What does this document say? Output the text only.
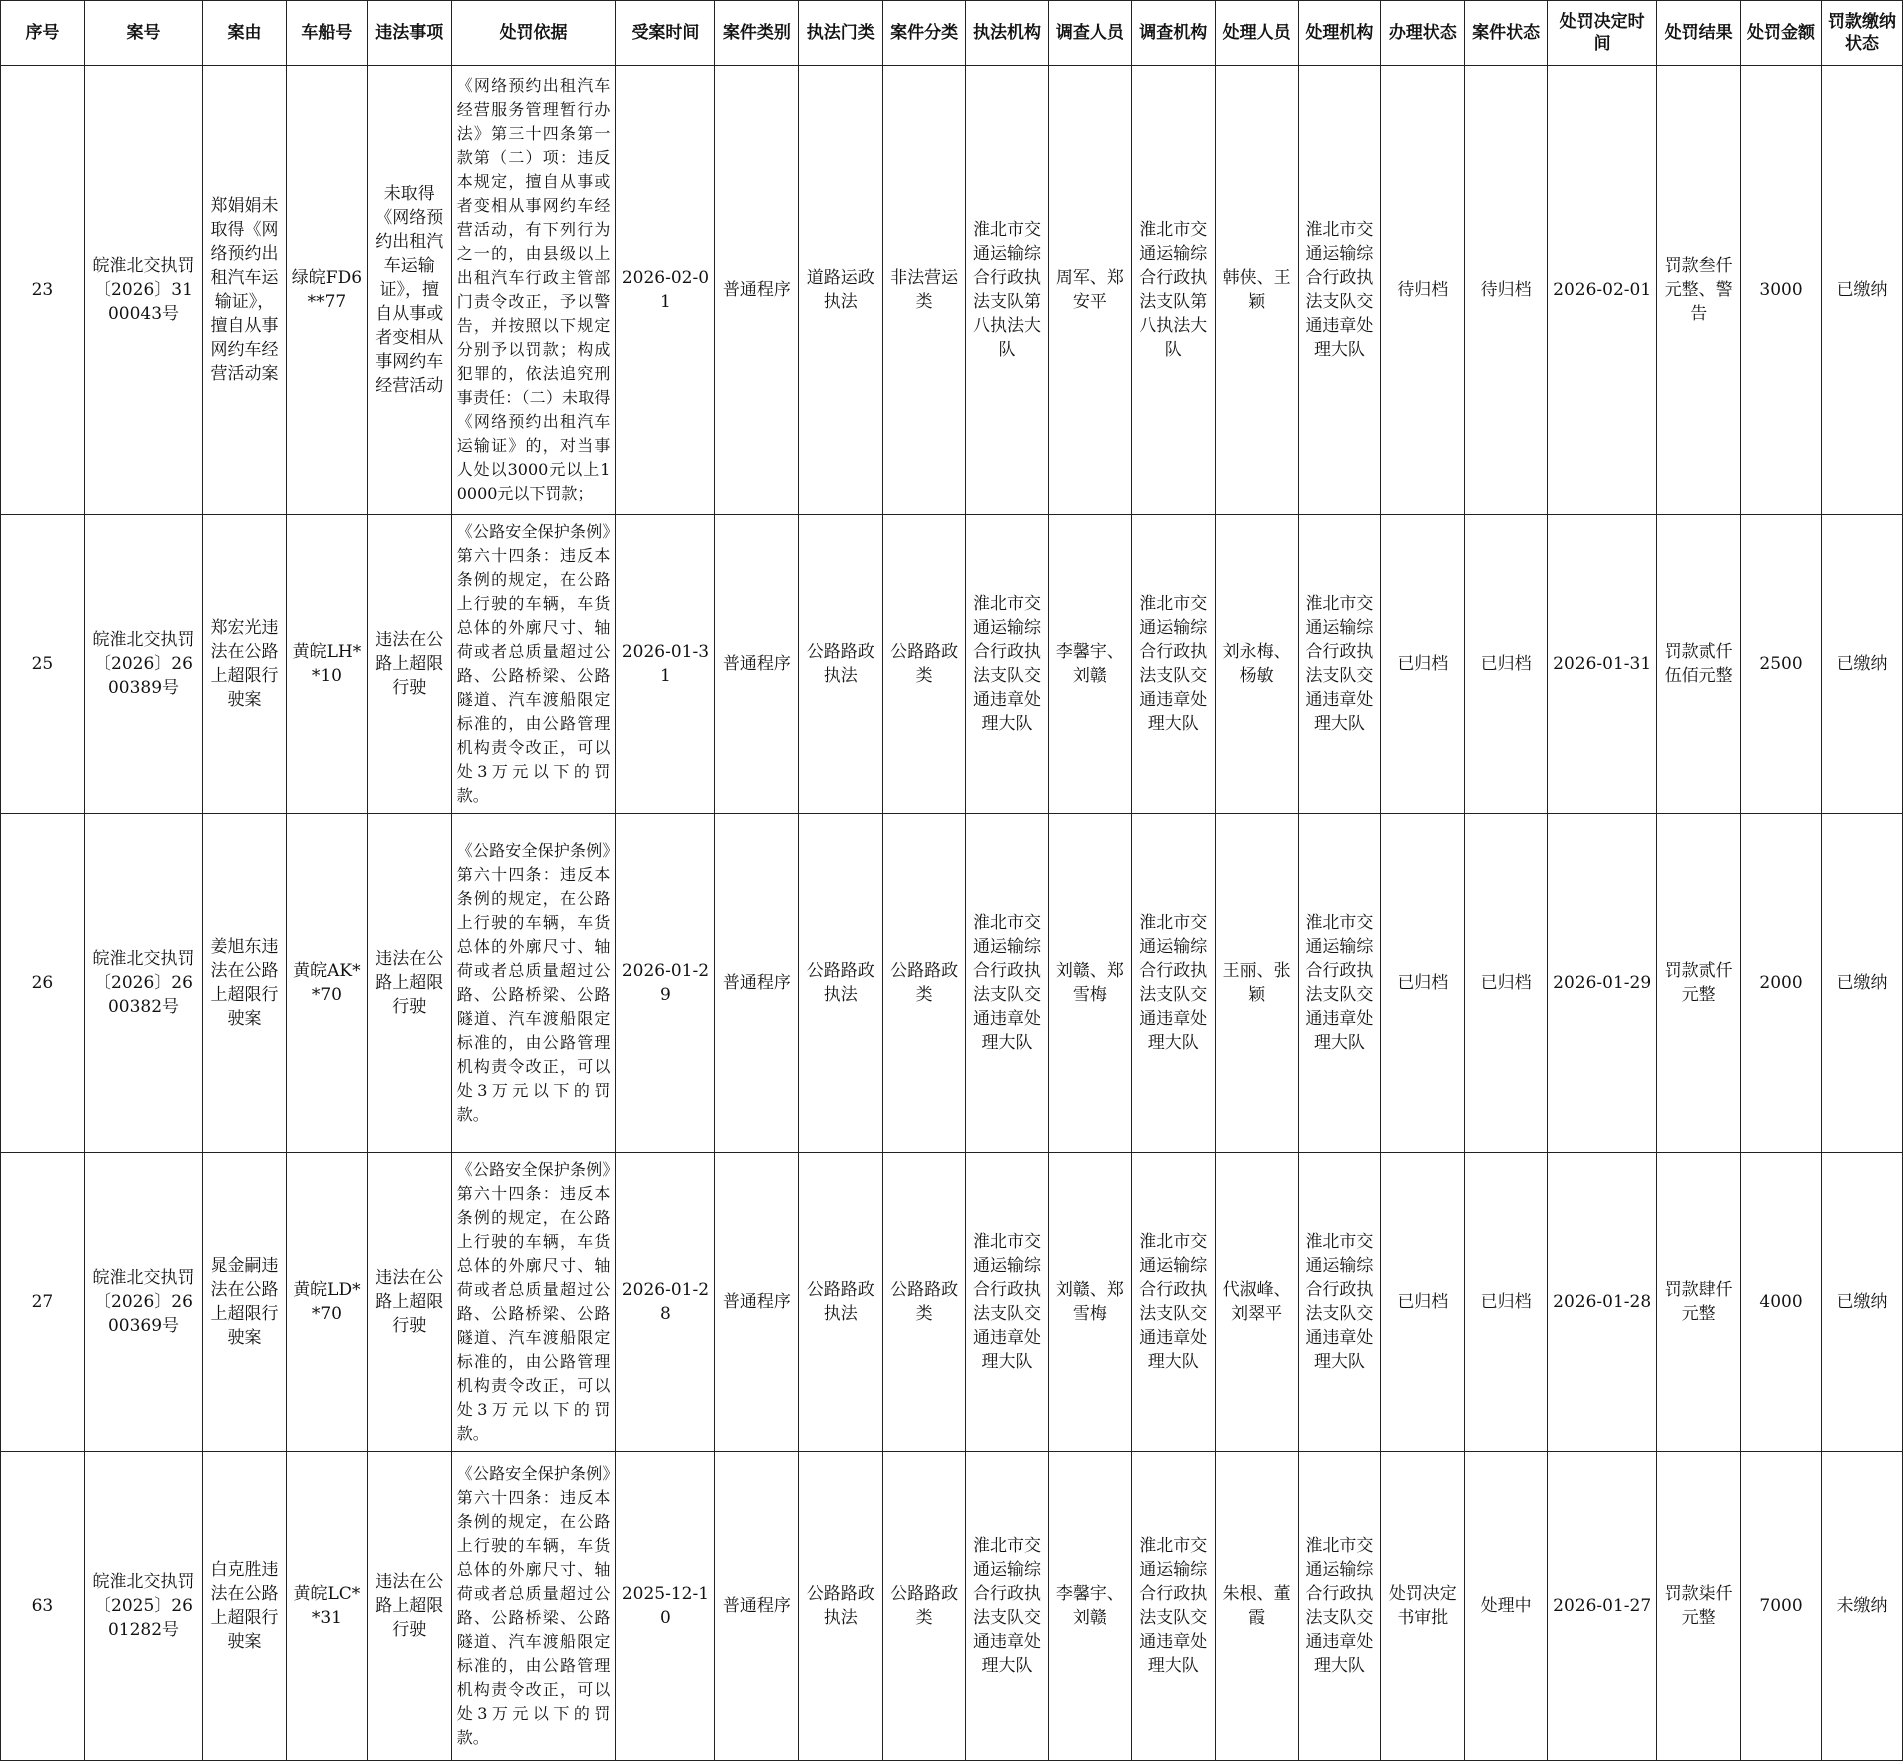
序号	案号	案由	车船号	违法事项	处罚依据	受案时间	案件类别	执法门类	案件分类	执法机构	调查人员	调查机构	处理人员	处理机构	办理状态	案件状态	处罚决定时间	处罚结果	处罚金额	罚款缴纳状态
23	皖淮北交执罚〔2026〕3100043号	郑娟娟未取得《网络预约出租汽车运输证》，擅自从事网约车经营活动案	绿皖FD6**77	未取得《网络预约出租汽车运输证》，擅自从事或者变相从事网约车经营活动	《网络预约出租汽车经营服务管理暂行办法》第三十四条第一款第（二）项：违反本规定，擅自从事或者变相从事网约车经营活动，有下列行为之一的，由县级以上出租汽车行政主管部门责令改正，予以警告，并按照以下规定分别予以罚款；构成犯罪的，依法追究刑事责任：（二）未取得《网络预约出租汽车运输证》的，对当事人处以3000元以上10000元以下罚款；	2026-02-01	普通程序	道路运政执法	非法营运类	淮北市交通运输综合行政执法支队第八执法大队	周军、郑安平	淮北市交通运输综合行政执法支队第八执法大队	韩侠、王颖	淮北市交通运输综合行政执法支队交通违章处理大队	待归档	待归档	2026-02-01	罚款叁仟元整、警告	3000	已缴纳
25	皖淮北交执罚〔2026〕2600389号	郑宏光违法在公路上超限行驶案	黄皖LH**10	违法在公路上超限行驶	《公路安全保护条例》第六十四条：违反本条例的规定，在公路上行驶的车辆，车货总体的外廓尺寸、轴荷或者总质量超过公路、公路桥梁、公路隧道、汽车渡船限定标准的，由公路管理机构责令改正，可以处3万元以下的罚款。	2026-01-31	普通程序	公路路政执法	公路路政类	淮北市交通运输综合行政执法支队交通违章处理大队	李馨宇、刘赣	淮北市交通运输综合行政执法支队交通违章处理大队	刘永梅、杨敏	淮北市交通运输综合行政执法支队交通违章处理大队	已归档	已归档	2026-01-31	罚款贰仟伍佰元整	2500	已缴纳
26	皖淮北交执罚〔2026〕2600382号	姜旭东违法在公路上超限行驶案	黄皖AK**70	违法在公路上超限行驶	《公路安全保护条例》第六十四条：违反本条例的规定，在公路上行驶的车辆，车货总体的外廓尺寸、轴荷或者总质量超过公路、公路桥梁、公路隧道、汽车渡船限定标准的，由公路管理机构责令改正，可以处3万元以下的罚款。	2026-01-29	普通程序	公路路政执法	公路路政类	淮北市交通运输综合行政执法支队交通违章处理大队	刘赣、郑雪梅	淮北市交通运输综合行政执法支队交通违章处理大队	王丽、张颖	淮北市交通运输综合行政执法支队交通违章处理大队	已归档	已归档	2026-01-29	罚款贰仟元整	2000	已缴纳
27	皖淮北交执罚〔2026〕2600369号	晁金嗣违法在公路上超限行驶案	黄皖LD**70	违法在公路上超限行驶	《公路安全保护条例》第六十四条：违反本条例的规定，在公路上行驶的车辆，车货总体的外廓尺寸、轴荷或者总质量超过公路、公路桥梁、公路隧道、汽车渡船限定标准的，由公路管理机构责令改正，可以处3万元以下的罚款。	2026-01-28	普通程序	公路路政执法	公路路政类	淮北市交通运输综合行政执法支队交通违章处理大队	刘赣、郑雪梅	淮北市交通运输综合行政执法支队交通违章处理大队	代淑峰、刘翠平	淮北市交通运输综合行政执法支队交通违章处理大队	已归档	已归档	2026-01-28	罚款肆仟元整	4000	已缴纳
63	皖淮北交执罚〔2025〕2601282号	白克胜违法在公路上超限行驶案	黄皖LC**31	违法在公路上超限行驶	《公路安全保护条例》第六十四条：违反本条例的规定，在公路上行驶的车辆，车货总体的外廓尺寸、轴荷或者总质量超过公路、公路桥梁、公路隧道、汽车渡船限定标准的，由公路管理机构责令改正，可以处3万元以下的罚款。	2025-12-10	普通程序	公路路政执法	公路路政类	淮北市交通运输综合行政执法支队交通违章处理大队	李馨宇、刘赣	淮北市交通运输综合行政执法支队交通违章处理大队	朱根、董霞	淮北市交通运输综合行政执法支队交通违章处理大队	处罚决定书审批	处理中	2026-01-27	罚款柒仟元整	7000	未缴纳
